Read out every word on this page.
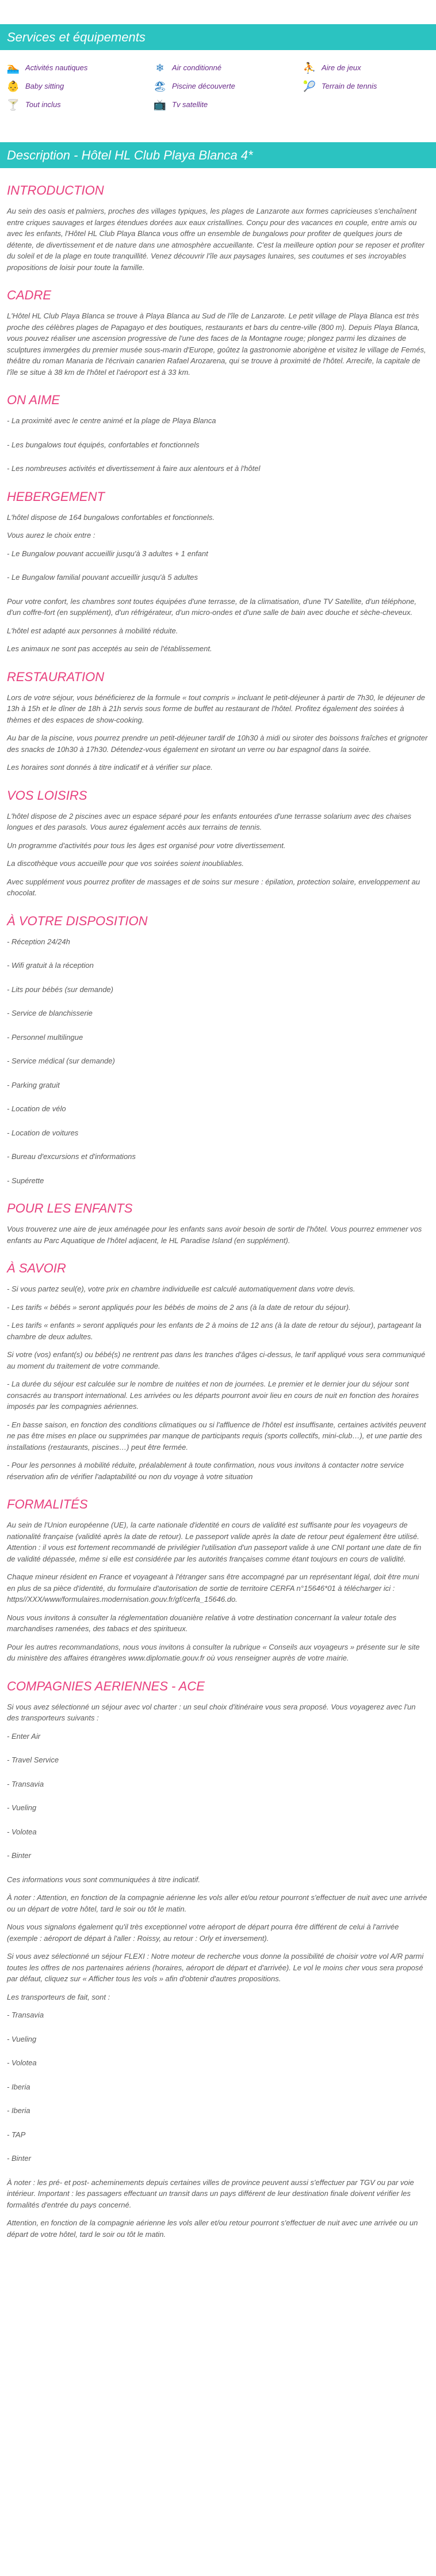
Services et équipements
🏊 Activités nautiques	❄ Air conditionné	⛹ Aire de jeux
👶 Baby sitting	🏖 Piscine découverte	🎾 Terrain de tennis
🍸 Tout inclus	📺 Tv satellite
Description - Hôtel HL Club Playa Blanca 4*
INTRODUCTION

Au sein des oasis et palmiers, proches des villages typiques, les plages de Lanzarote aux formes capricieuses s'enchaînent entre criques sauvages et larges étendues dorées aux eaux cristallines. Conçu pour des vacances en couple, entre amis ou avec les enfants, l'Hôtel HL Club Playa Blanca vous offre un ensemble de bungalows pour profiter de quelques jours de détente, de divertissement et de nature dans une atmosphère accueillante. C'est la meilleure option pour se reposer et profiter du soleil et de la plage en toute tranquillité. Venez découvrir l'île aux paysages lunaires, ses coutumes et ses incroyables propositions de loisir pour toute la famille.

CADRE

L'Hôtel HL Club Playa Blanca se trouve à Playa Blanca au Sud de l'île de Lanzarote. Le petit village de Playa Blanca est très proche des célèbres plages de Papagayo et des boutiques, restaurants et bars du centre-ville (800 m). Depuis Playa Blanca, vous pouvez réaliser une ascension progressive de l'une des faces de la Montagne rouge; plongez parmi les dizaines de sculptures immergées du premier musée sous-marin d'Europe, goûtez la gastronomie aborigène et visitez le village de Femés, théâtre du roman Manaria de l'écrivain canarien Rafael Arozarena, qui se trouve à proximité de l'hôtel. Arrecife, la capitale de l'île se situe à 38 km de l'hôtel et l'aéroport est à 33 km.

ON AIME
- La proximité avec le centre animé et la plage de Playa Blanca
- Les bungalows tout équipés, confortables et fonctionnels
- Les nombreuses activités et divertissement à faire aux alentours et à l'hôtel
HEBERGEMENT

L'hôtel dispose de 164 bungalows confortables et fonctionnels.

Vous aurez le choix entre :

- Le Bungalow pouvant accueillir jusqu'à 3 adultes + 1 enfant
- Le Bungalow familial pouvant accueillir jusqu'à 5 adultes

Pour votre confort, les chambres sont toutes équipées d'une terrasse, de la climatisation, d'une TV Satellite, d'un téléphone, d'un coffre-fort (en supplément), d'un réfrigérateur, d'un micro-ondes et d'une salle de bain avec douche et sèche-cheveux.

L'hôtel est adapté aux personnes à mobilité réduite.

Les animaux ne sont pas acceptés au sein de l'établissement.

RESTAURATION

Lors de votre séjour, vous bénéficierez de la formule « tout compris » incluant le petit-déjeuner à partir de 7h30, le déjeuner de 13h à 15h et le dîner de 18h à 21h servis sous forme de buffet au restaurant de l'hôtel. Profitez également des soirées à thèmes et des espaces de show-cooking.

Au bar de la piscine, vous pourrez prendre un petit-déjeuner tardif de 10h30 à midi ou siroter des boissons fraîches et grignoter des snacks de 10h30 à 17h30. Détendez-vous également en sirotant un verre ou bar espagnol dans la soirée.

Les horaires sont donnés à titre indicatif et à vérifier sur place.

VOS LOISIRS

L'hôtel dispose de 2 piscines avec un espace séparé pour les enfants entourées d'une terrasse solarium avec des chaises longues et des parasols. Vous aurez également accès aux terrains de tennis.

Un programme d'activités pour tous les âges est organisé pour votre divertissement.

La discothèque vous accueille pour que vos soirées soient inoubliables.

Avec supplément vous pourrez profiter de massages et de soins sur mesure : épilation, protection solaire, enveloppement au chocolat.

À VOTRE DISPOSITION
- Réception 24/24h
- Wifi gratuit à la réception
- Lits pour bébés (sur demande)
- Service de blanchisserie
- Personnel multilingue
- Service médical (sur demande)
- Parking gratuit
- Location de vélo
- Location de voitures
- Bureau d'excursions et d'informations
- Supérette
POUR LES ENFANTS

Vous trouverez une aire de jeux aménagée pour les enfants sans avoir besoin de sortir de l'hôtel. Vous pourrez emmener vos enfants au Parc Aquatique de l'hôtel adjacent, le HL Paradise Island (en supplément).

À SAVOIR

- Si vous partez seul(e), votre prix en chambre individuelle est calculé automatiquement dans votre devis.

- Les tarifs « bébés » seront appliqués pour les bébés de moins de 2 ans (à la date de retour du séjour).

- Les tarifs « enfants » seront appliqués pour les enfants de 2 à moins de 12 ans (à la date de retour du séjour), partageant la chambre de deux adultes.

Si votre (vos) enfant(s) ou bébé(s) ne rentrent pas dans les tranches d'âges ci-dessus, le tarif appliqué vous sera communiqué au moment du traitement de votre commande.

- La durée du séjour est calculée sur le nombre de nuitées et non de journées. Le premier et le dernier jour du séjour sont consacrés au transport international. Les arrivées ou les départs pourront avoir lieu en cours de nuit en fonction des horaires imposés par les compagnies aériennes.

- En basse saison, en fonction des conditions climatiques ou si l'affluence de l'hôtel est insuffisante, certaines activités peuvent ne pas être mises en place ou supprimées par manque de participants requis (sports collectifs, mini-club…), et une partie des installations (restaurants, piscines…) peut être fermée.

- Pour les personnes à mobilité réduite, préalablement à toute confirmation, nous vous invitons à contacter notre service réservation afin de vérifier l'adaptabilité ou non du voyage à votre situation

FORMALITÉS

Au sein de l'Union européenne (UE), la carte nationale d'identité en cours de validité est suffisante pour les voyageurs de nationalité française (validité après la date de retour). Le passeport valide après la date de retour peut également être utilisé. Attention : il vous est fortement recommandé de privilégier l'utilisation d'un passeport valide à une CNI portant une date de fin de validité dépassée, même si elle est considérée par les autorités françaises comme étant toujours en cours de validité.

Chaque mineur résident en France et voyageant à l'étranger sans être accompagné par un représentant légal, doit être muni en plus de sa pièce d'identité, du formulaire d'autorisation de sortie de territoire CERFA n°15646*01 à télécharger ici : https//XXX/www/formulaires.modernisation.gouv.fr/gf/cerfa_15646.do.

Nous vous invitons à consulter la réglementation douanière relative à votre destination concernant la valeur totale des marchandises ramenées, des tabacs et des spiritueux.

Pour les autres recommandations, nous vous invitons à consulter la rubrique « Conseils aux voyageurs » présente sur le site du ministère des affaires étrangères www.diplomatie.gouv.fr où vous renseigner auprès de votre mairie.

COMPAGNIES AERIENNES - ACE

Si vous avez sélectionné un séjour avec vol charter : un seul choix d'itinéraire vous sera proposé. Vous voyagerez avec l'un des transporteurs suivants :

- Enter Air
- Travel Service
- Transavia
- Vueling
- Volotea
- Binter

Ces informations vous sont communiquées à titre indicatif.

À noter : Attention, en fonction de la compagnie aérienne les vols aller et/ou retour pourront s'effectuer de nuit avec une arrivée ou un départ de votre hôtel, tard le soir ou tôt le matin.

Nous vous signalons également qu'il très exceptionnel votre aéroport de départ pourra être différent de celui à l'arrivée (exemple : aéroport de départ à l'aller : Roissy, au retour : Orly et inversement).

Si vous avez sélectionné un séjour FLEXI : Notre moteur de recherche vous donne la possibilité de choisir votre vol A/R parmi toutes les offres de nos partenaires aériens (horaires, aéroport de départ et d'arrivée). Le vol le moins cher vous sera proposé par défaut, cliquez sur « Afficher tous les vols » afin d'obtenir d'autres propositions.

Les transporteurs de fait, sont :

- Transavia
- Vueling
- Volotea
- Iberia
- Iberia
- TAP
- Binter

À noter : les pré- et post- acheminements depuis certaines villes de province peuvent aussi s'effectuer par TGV ou par voie intérieur. Important : les passagers effectuant un transit dans un pays différent de leur destination finale doivent vérifier les formalités d'entrée du pays concerné.

Attention, en fonction de la compagnie aérienne les vols aller et/ou retour pourront s'effectuer de nuit avec une arrivée ou un départ de votre hôtel, tard le soir ou tôt le matin.
